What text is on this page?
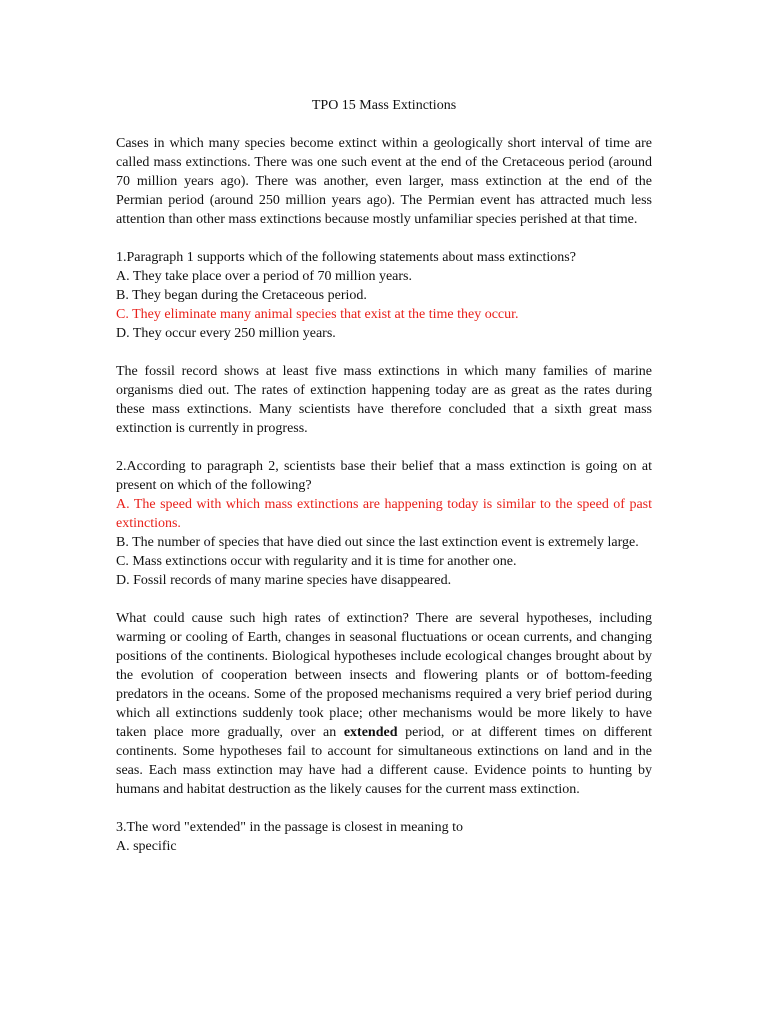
TPO 15 Mass Extinctions

Cases in which many species become extinct within a geologically short interval of time are called mass extinctions. There was one such event at the end of the Cretaceous period (around 70 million years ago). There was another, even larger, mass extinction at the end of the Permian period (around 250 million years ago). The Permian event has attracted much less attention than other mass extinctions because mostly unfamiliar species perished at that time.

1.Paragraph 1 supports which of the following statements about mass extinctions?

A. They take place over a period of 70 million years.

B. They began during the Cretaceous period.

C. They eliminate many animal species that exist at the time they occur.

D. They occur every 250 million years.

The fossil record shows at least five mass extinctions in which many families of marine organisms died out. The rates of extinction happening today are as great as the rates during these mass extinctions. Many scientists have therefore concluded that a sixth great mass extinction is currently in progress.

2.According to paragraph 2, scientists base their belief that a mass extinction is going on at present on which of the following?

A. The speed with which mass extinctions are happening today is similar to the speed of past extinctions.

B. The number of species that have died out since the last extinction event is extremely large.

C. Mass extinctions occur with regularity and it is time for another one.

D. Fossil records of many marine species have disappeared.

What could cause such high rates of extinction? There are several hypotheses, including warming or cooling of Earth, changes in seasonal fluctuations or ocean currents, and changing positions of the continents. Biological hypotheses include ecological changes brought about by the evolution of cooperation between insects and flowering plants or of bottom-feeding predators in the oceans. Some of the proposed mechanisms required a very brief period during which all extinctions suddenly took place; other mechanisms would be more likely to have taken place more gradually, over an extended period, or at different times on different continents. Some hypotheses fail to account for simultaneous extinctions on land and in the seas. Each mass extinction may have had a different cause. Evidence points to hunting by humans and habitat destruction as the likely causes for the current mass extinction.

3.The word "extended" in the passage is closest in meaning to

A. specific
